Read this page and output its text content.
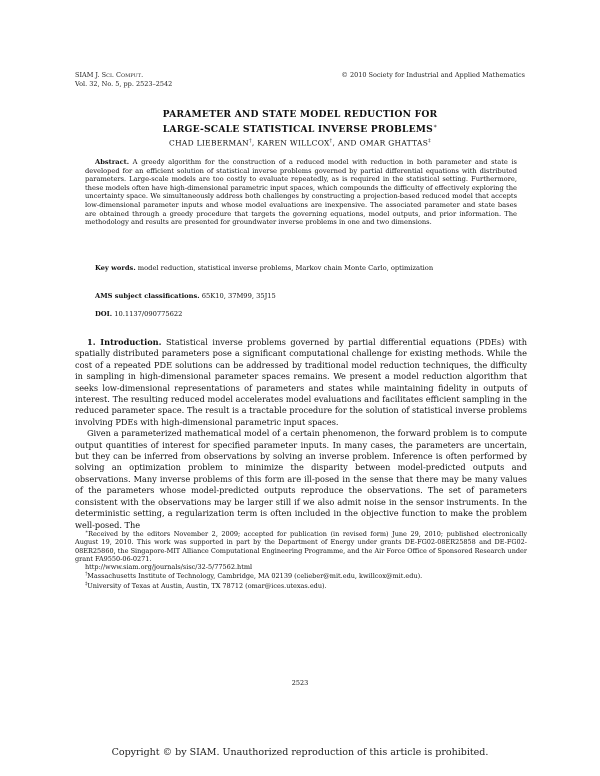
SIAM J. Sci. Comput.
Vol. 32, No. 5, pp. 2523–2542
© 2010 Society for Industrial and Applied Mathematics
PARAMETER AND STATE MODEL REDUCTION FOR
LARGE-SCALE STATISTICAL INVERSE PROBLEMS∗
CHAD LIEBERMAN†, KAREN WILLCOX†, AND OMAR GHATTAS‡
Abstract. A greedy algorithm for the construction of a reduced model with reduction in both parameter and state is developed for an efficient solution of statistical inverse problems governed by partial differential equations with distributed parameters. Large-scale models are too costly to evaluate repeatedly, as is required in the statistical setting. Furthermore, these models often have high-dimensional parametric input spaces, which compounds the difficulty of effectively exploring the uncertainty space. We simultaneously address both challenges by constructing a projection-based reduced model that accepts low-dimensional parameter inputs and whose model evaluations are inexpensive. The associated parameter and state bases are obtained through a greedy procedure that targets the governing equations, model outputs, and prior information. The methodology and results are presented for groundwater inverse problems in one and two dimensions.
Key words. model reduction, statistical inverse problems, Markov chain Monte Carlo, optimization
AMS subject classifications. 65K10, 37M99, 35J15
DOI. 10.1137/090775622

1. Introduction. Statistical inverse problems governed by partial differential equations (PDEs) with spatially distributed parameters pose a significant computational challenge for existing methods. While the cost of a repeated PDE solutions can be addressed by traditional model reduction techniques, the difficulty in sampling in high-dimensional parameter spaces remains. We present a model reduction algorithm that seeks low-dimensional representations of parameters and states while maintaining fidelity in outputs of interest. The resulting reduced model accelerates model evaluations and facilitates efficient sampling in the reduced parameter space. The result is a tractable procedure for the solution of statistical inverse problems involving PDEs with high-dimensional parametric input spaces.

Given a parameterized mathematical model of a certain phenomenon, the forward problem is to compute output quantities of interest for specified parameter inputs. In many cases, the parameters are uncertain, but they can be inferred from observations by solving an inverse problem. Inference is often performed by solving an optimization problem to minimize the disparity between model-predicted outputs and observations. Many inverse problems of this form are ill-posed in the sense that there may be many values of the parameters whose model-predicted outputs reproduce the observations. The set of parameters consistent with the observations may be larger still if we also admit noise in the sensor instruments. In the deterministic setting, a regularization term is often included in the objective function to make the problem well-posed. The

∗Received by the editors November 2, 2009; accepted for publication (in revised form) June 29, 2010; published electronically August 19, 2010. This work was supported in part by the Department of Energy under grants DE-FG02-08ER25858 and DE-FG02-08ER25860, the Singapore-MIT Alliance Computational Engineering Programme, and the Air Force Office of Sponsored Research under grant FA9550-06-0271.

http://www.siam.org/journals/sisc/32-5/77562.html

†Massachusetts Institute of Technology, Cambridge, MA 02139 (celieber@mit.edu, kwillcox@mit.edu).

‡University of Texas at Austin, Austin, TX 78712 (omar@ices.utexas.edu).

2523
Copyright © by SIAM. Unauthorized reproduction of this article is prohibited.
